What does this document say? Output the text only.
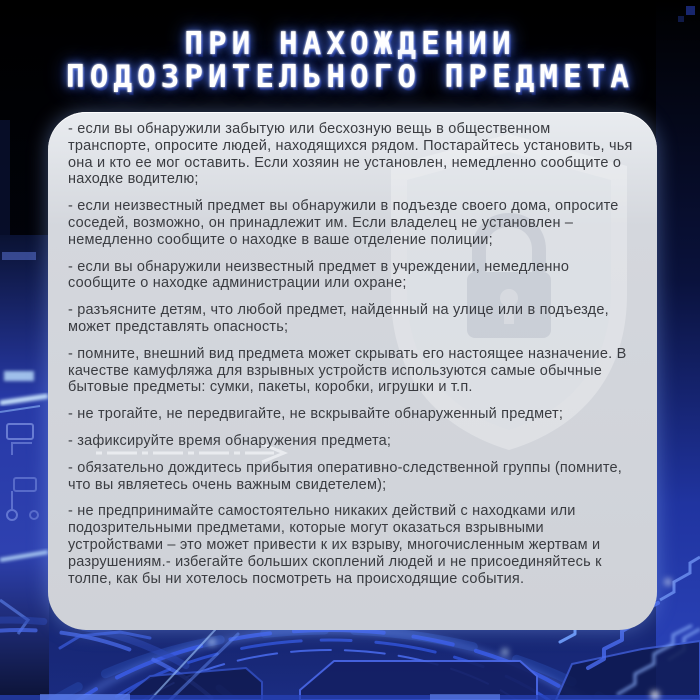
ПРИ НАХОЖДЕНИИ
ПОДОЗРИТЕЛЬНОГО ПРЕДМЕТА

- если вы обнаружили забытую или бесхозную вещь в общественном транспорте, опросите людей, находящихся рядом. Постарайтесь установить, чья она и кто ее мог оставить. Если хозяин не установлен, немедленно сообщите о находке водителю;

- если неизвестный предмет вы обнаружили в подъезде своего дома, опросите соседей, возможно, он принадлежит им. Если владелец не установлен – немедленно сообщите о находке в ваше отделение полиции;

- если вы обнаружили неизвестный предмет в учреждении, немедленно сообщите о находке администрации или охране;

- разъясните детям, что любой предмет, найденный на улице или в подъезде, может представлять опасность;

- помните, внешний вид предмета может скрывать его настоящее назначение. В качестве камуфляжа для взрывных устройств используются самые обычные бытовые предметы: сумки, пакеты, коробки, игрушки и т.п.

- не трогайте, не передвигайте, не вскрывайте обнаруженный предмет;

- зафиксируйте время обнаружения предмета;

- обязательно дождитесь прибытия оперативно-следственной группы (помните, что вы являетесь очень важным свидетелем);

- не предпринимайте самостоятельно никаких действий с находками или подозрительными предметами, которые могут оказаться взрывными устройствами – это может привести к их взрыву, многочисленным жертвам и разрушениям.- избегайте больших скоплений людей и не присоединяйтесь к толпе, как бы ни хотелось посмотреть на происходящие события.
